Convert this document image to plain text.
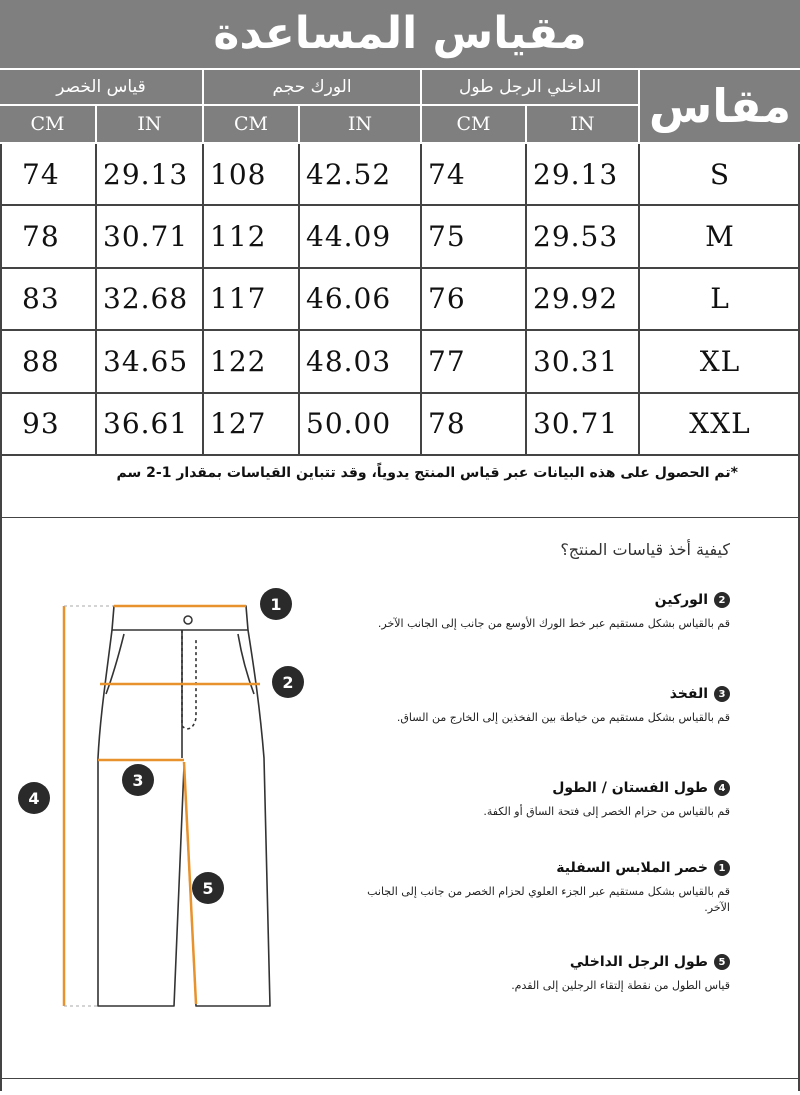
مقياس المساعدة
قياس الخصر	الورك حجم	الداخلي الرجل طول
CM	IN	CM	IN	CM	IN	مقاس
74	29.13 108	42.52	74	29.13	S
78	30.71 112	44.09	75	29.53	M
83	32.68 117	46.06	76	29.92	L
88	34.65 122	48.03	77	30.31	XL
93	36.61 127	50.00	78	30.71	XXL
*تم الحصول على هذه البيانات عبر قياس المنتج يدوياً، وقد تتباين القياسات بمقدار 1-2 سم
كيفية أخذ قياسات المنتج؟
2
الوركين
قم بالقياس بشكل مستقيم عبر خط الورك الأوسع من جانب إلى الجانب الآخر.
3
الفخذ
قم بالقياس بشكل مستقيم من خياطة بين الفخذين إلى الخارج من الساق.
4
طول الفستان / الطول
قم بالقياس من حزام الخصر إلى فتحة الساق أو الكفة.
1
خصر الملابس السفلية
قم بالقياس بشكل مستقيم عبر الجزء العلوي لحزام الخصر من جانب إلى الجانب الآخر.
5
طول الرجل الداخلي
قياس الطول من نقطة إلتقاء الرجلين إلى القدم.
1
2
3
4
5
